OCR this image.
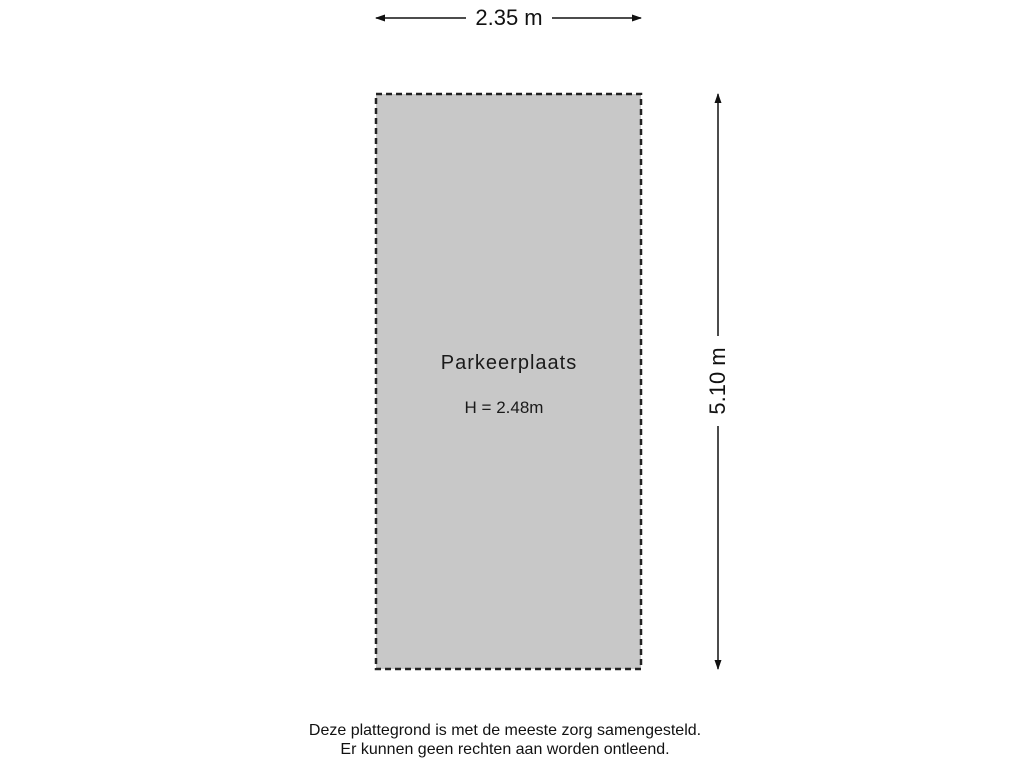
2.35 m
5.10 m
Parkeerplaats
H = 2.48m
Deze plattegrond is met de meeste zorg samengesteld.
Er kunnen geen rechten aan worden ontleend.
